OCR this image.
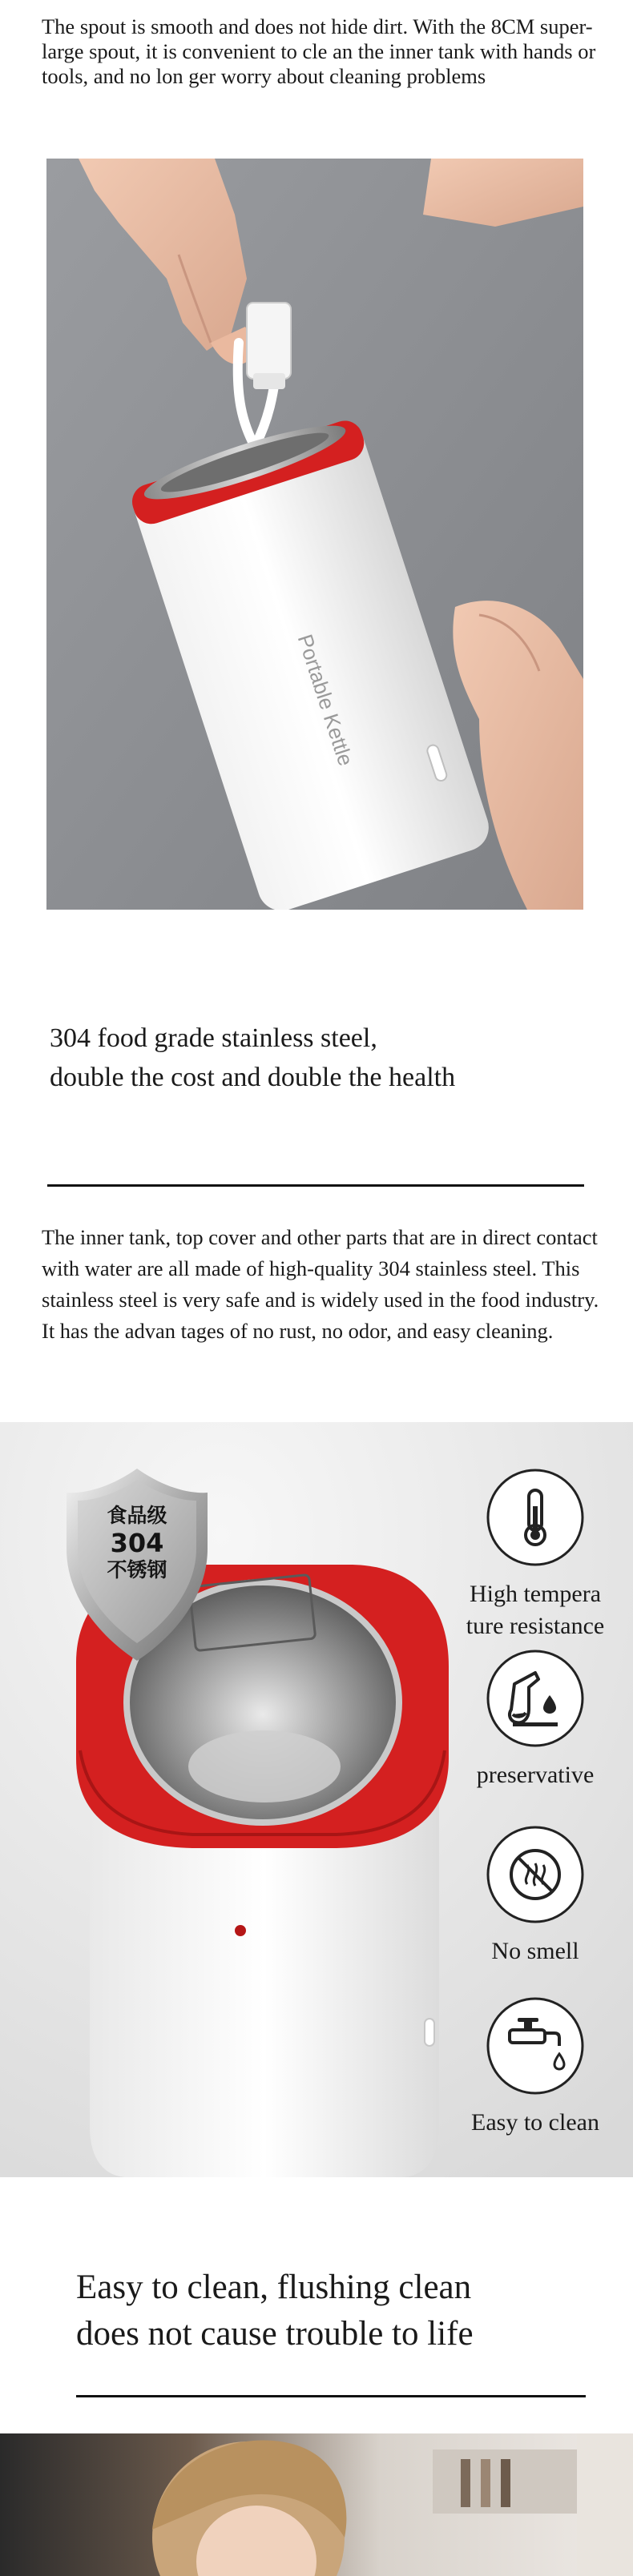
The spout is smooth and does not hide dirt. With the 8CM super-large spout, it is convenient to cle an the inner tank with hands or tools, and no lon ger worry about cleaning problems

Portable Kettle
304 food grade stainless steel,
double the cost and double the health

The inner tank, top cover and other parts that are in direct contact with water are all made of high-quality 304 stainless steel. This stainless steel is very safe and is widely used in the food industry. It has the advan tages of no rust, no odor, and easy cleaning.

食品级
304
不锈钢
High tempera
ture resistance
preservative
No smell
Easy to clean
Easy to clean, flushing clean
does not cause trouble to life
